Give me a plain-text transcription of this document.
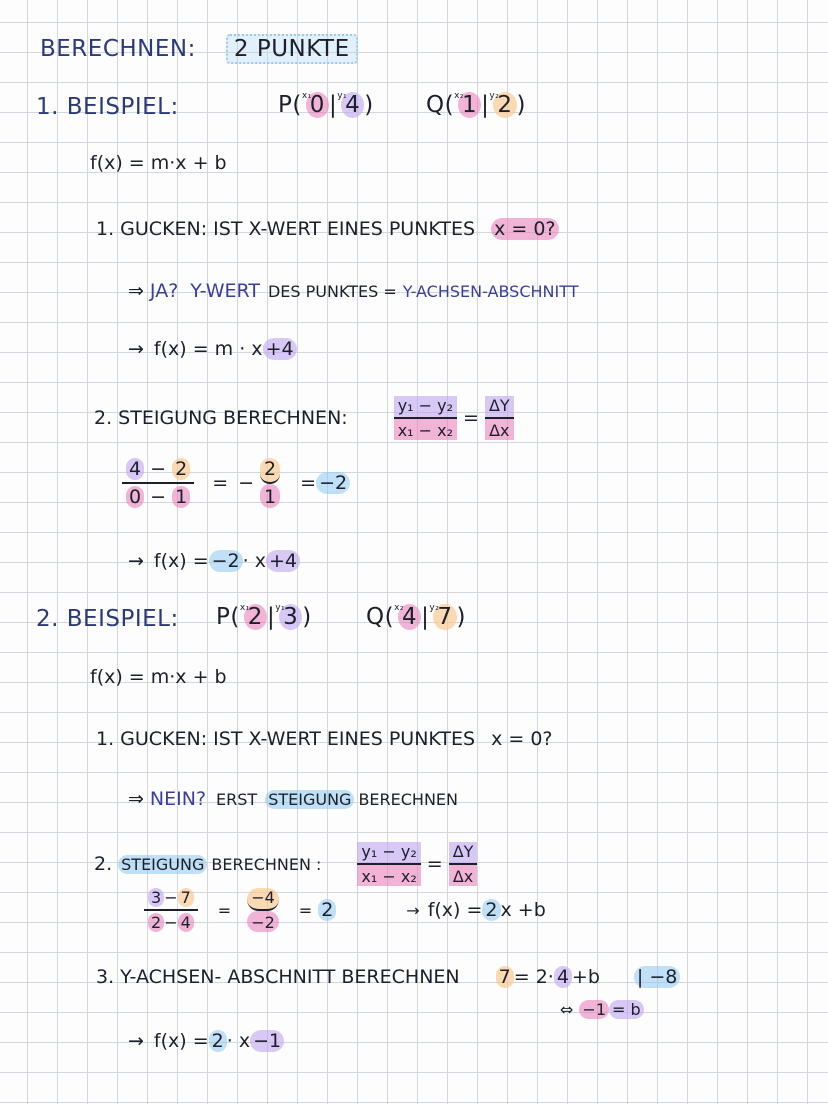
BERECHNEN:	2 PUNKTE
1. BEISPIEL:	P ( x₁
0 | y₁
4 ) Q ( x₂
1 | y₂
2 )
f(x) = m·x + b
1. GUCKEN: IST X-WERT EINES PUNKTES x = 0?
⇒ JA? Y-WERT DES PUNKTES = Y-ACHSEN-ABSCHNITT
→ f(x) = m · x +4
2. STEIGUNG BERECHNEN:	$\frac{\text{y₁ − y₂}}{\text{x₁ − x₂}} = \frac{\Delta Y}{\Delta x}$
$\frac{4 - 2}{0 - 1}$ = − $\frac{2}{1} = -2$
→ f(x) = −2 · x +4
2. BEISPIEL: P ( x₁
2 | y₁
3 ) Q ( x₂
4 | y₂
7 )
f(x) = m·x + b
1. GUCKEN: IST X-WERT EINES PUNKTES x = 0?
⇒ NEIN? ERST STEIGUNG BERECHNEN
2. STEIGUNG BERECHNEN : $\frac{\text{y₁ − y₂}}{\text{x₁ − x₂}} = \frac{\Delta Y}{\Delta x}$
$\frac{3 - 7}{2 - 4} = \frac{-4}{-2} = 2$	→ f(x) = 2 x +b
3. Y-ACHSEN- ABSCHNITT BERECHNEN 7 = 2· 4 +b | −8
⇔ −1 = b
→ f(x) = 2 · x −1
